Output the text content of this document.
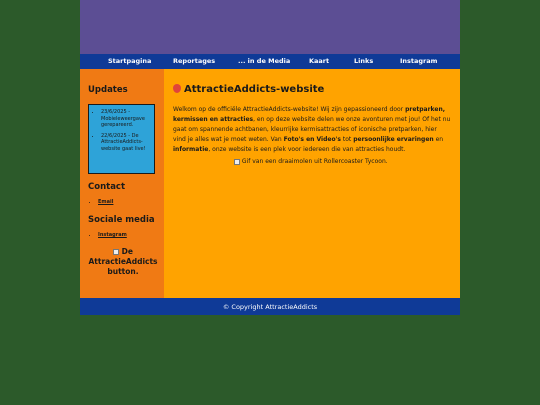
Startpagina	Reportages	... in de Media	Kaart	Links	Instagram
Updates
• 23/6/2025 - Mobieleweergave gerepareerd.
• 22/6/2025 - De AttractieAddicts-website gaat live!
Contact
• Email
Sociale media
• Instagram
De AttractieAddicts button.
AttractieAddicts-website

Welkom op de officiële AttractieAddicts-website! Wij zijn gepassioneerd door pretparken, kermissen en attracties, en op deze website delen we onze avonturen met jou! Of het nu gaat om spannende achtbanen, kleurrijke kermisattracties of iconische pretparken, hier vind je alles wat je moet weten. Van Foto's en Video's tot persoonlijke ervaringen en informatie, onze website is een plek voor iedereen die van attracties houdt.

Gif van een draaimolen uit Rollercoaster Tycoon.
© Copyright AttractieAddicts
